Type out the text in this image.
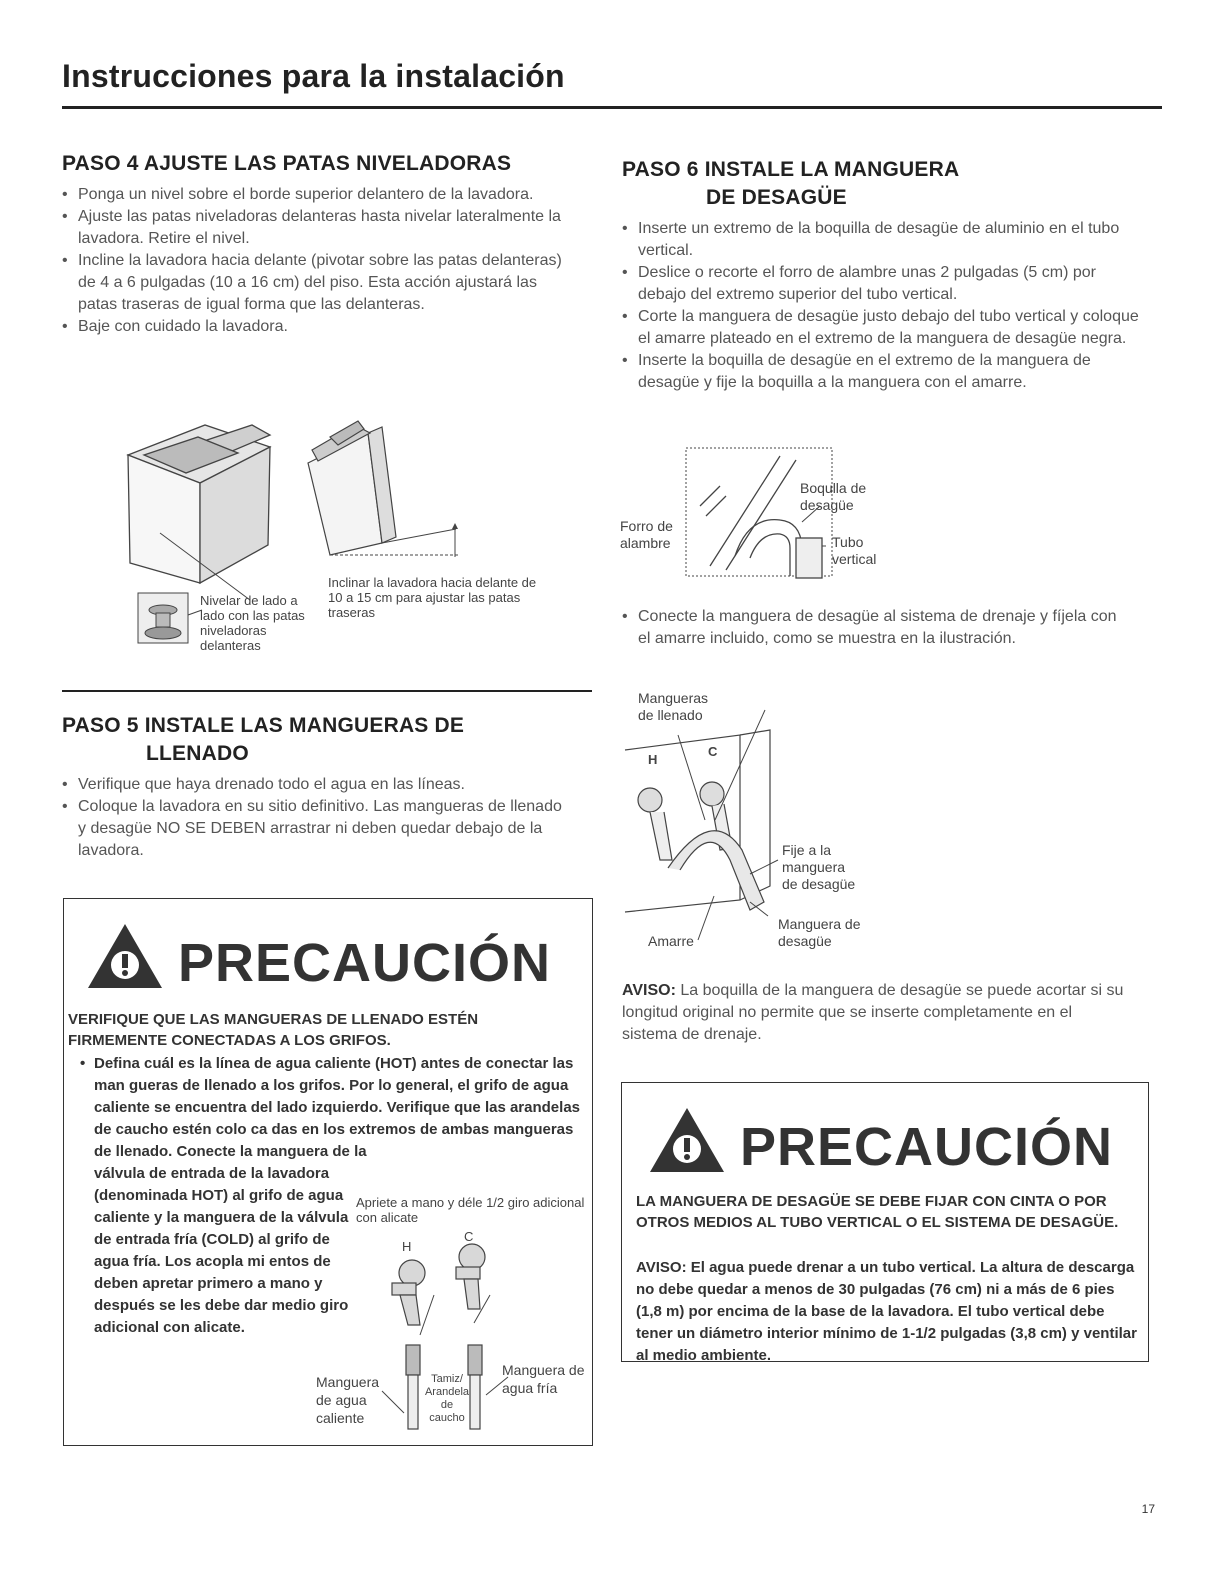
Instrucciones para la instalación
PASO 4 AJUSTE LAS PATAS NIVELADORAS
• Ponga un nivel sobre el borde superior delantero de la lavadora.
• Ajuste las patas niveladoras delanteras hasta nivelar lateralmente la lavadora. Retire el nivel.
• Incline la lavadora hacia delante (pivotar sobre las patas delanteras) de 4 a 6 pulgadas (10 a 16 cm) del piso. Esta acción ajustará las patas traseras de igual forma que las delanteras.
• Baje con cuidado la lavadora.
Nivelar de lado a lado con las patas niveladoras delanteras
Inclinar la lavadora hacia delante de 10 a 15 cm para ajustar las patas traseras
PASO 5 INSTALE LAS MANGUERAS DE
LLENADO
• Verifique que haya drenado todo el agua en las líneas.
• Coloque la lavadora en su sitio definitivo. Las mangueras de llenado y desagüe NO SE DEBEN arrastrar ni deben quedar debajo de la lavadora.
PRECAUCIÓN
VERIFIQUE QUE LAS MANGUERAS DE LLENADO ESTÉN FIRMEMENTE CONECTADAS A LOS GRIFOS.
• Defina cuál es la línea de agua caliente (HOT) antes de conectar las man gueras de llenado a los grifos. Por lo general, el grifo de agua caliente se encuentra del lado izquierdo. Verifique que las arandelas de caucho estén colo ca das en los extremos de ambas mangueras de llenado. Conecte la manguera de la
válvula de entrada de la lavadora (denominada HOT) al grifo de agua caliente y la manguera de la válvula de entrada fría (COLD) al grifo de agua fría. Los acopla mi entos de deben apretar primero a mano y después se les debe dar medio giro adicional con alicate.
Apriete a mano y déle 1/2 giro adicional con alicate
H
C
Manguera de agua caliente
Tamiz/ Arandela de caucho
Manguera de agua fría
PASO 6 INSTALE LA MANGUERA
DE DESAGÜE
• Inserte un extremo de la boquilla de desagüe de aluminio en el tubo vertical.
• Deslice o recorte el forro de alambre unas 2 pulgadas (5 cm) por debajo del extremo superior del tubo vertical.
• Corte la manguera de desagüe justo debajo del tubo vertical y coloque el amarre plateado en el extremo de la manguera de desagüe negra.
• Inserte la boquilla de desagüe en el extremo de la manguera de desagüe y fije la boquilla a la manguera con el amarre.
Boqulla de desagüe
Forro de alambre	Tubo vertical
• Conecte la manguera de desagüe al sistema de drenaje y fíjela con el amarre incluido, como se muestra en la ilustración.
Mangueras de llenado
H
C
Fije a la manguera de desagüe
Amarre
Manguera de desagüe
AVISO: La boquilla de la manguera de desagüe se puede acortar si su longitud original no permite que se inserte completamente en el sistema de drenaje.
PRECAUCIÓN
LA MANGUERA DE DESAGÜE SE DEBE FIJAR CON CINTA O POR OTROS MEDIOS AL TUBO VERTICAL O EL SISTEMA DE DESAGÜE.
AVISO: El agua puede drenar a un tubo vertical. La altura de descarga no debe quedar a menos de 30 pulgadas (76 cm) ni a más de 6 pies (1,8 m) por encima de la base de la lavadora. El tubo vertical debe tener un diámetro interior mínimo de 1-1/2 pulgadas (3,8 cm) y ventilar al medio ambiente.
17
